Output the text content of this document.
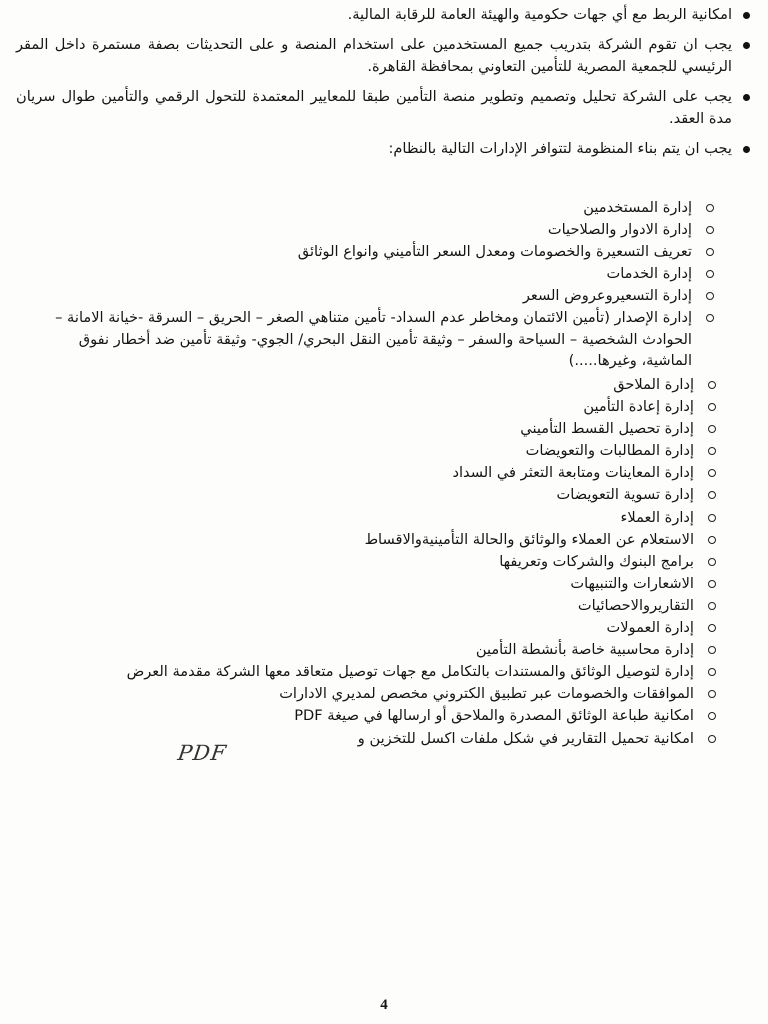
امكانية الربط مع أي جهات حكومية والهيئة العامة للرقابة المالية.
يجب ان تقوم الشركة بتدريب جميع المستخدمين على استخدام المنصة و على التحديثات بصفة مستمرة داخل المقر الرئيسي للجمعية المصرية للتأمين التعاوني بمحافظة القاهرة.
يجب على الشركة تحليل وتصميم وتطوير منصة التأمين طبقا للمعايير المعتمدة للتحول الرقمي والتأمين طوال سريان مدة العقد.
يجب ان يتم بناء المنظومة لتتوافر الإدارات التالية بالنظام:
إدارة المستخدمين
إدارة الادوار والصلاحيات
تعريف التسعيرة والخصومات ومعدل السعر التأميني وانواع الوثائق
إدارة الخدمات
إدارة التسعيروعروض السعر
إدارة الإصدار (تأمين الائتمان ومخاطر عدم السداد- تأمين متناهي الصغر – الحريق – السرقة -خيانة الامانة – الحوادث الشخصية – السياحة والسفر – وثيقة تأمين النقل البحري/ الجوي- وثيقة تأمين ضد أخطار نفوق الماشية، وغيرها.....)
إدارة الملاحق
إدارة إعادة التأمين
إدارة تحصيل القسط التأميني
إدارة المطالبات والتعويضات
إدارة المعاينات ومتابعة التعثر في السداد
إدارة تسوية التعويضات
إدارة العملاء
الاستعلام عن العملاء والوثائق والحالة التأمينيةوالاقساط
برامج البنوك والشركات وتعريفها
الاشعارات والتنبيهات
التقاريروالاحصائيات
إدارة العمولات
إدارة محاسبية خاصة بأنشطة التأمين
إدارة لتوصيل الوثائق والمستندات بالتكامل مع جهات توصيل متعاقد معها الشركة مقدمة العرض
الموافقات والخصومات عبر تطبيق الكتروني مخصص لمديري الادارات
امكانية طباعة الوثائق المصدرة والملاحق أو ارسالها في صيغة PDF
امكانية تحميل التقارير في شكل ملفات اكسل للتخزين و
PDF
4
